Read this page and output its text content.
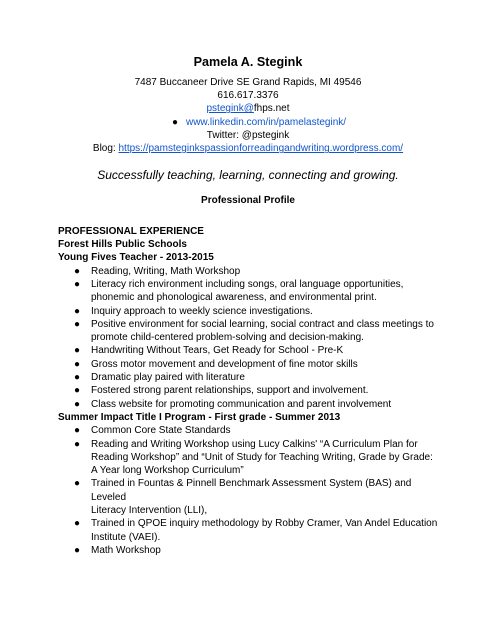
Pamela A. Stegink
7487 Buccaneer Drive SE Grand Rapids, MI 49546
616.617.3376
pstegink@fhps.net
● www.linkedin.com/in/pamelastegink/
Twitter: @pstegink
Blog: https://pamsteginkspassionforreadingandwriting.wordpress.com/
Successfully teaching, learning, connecting and growing.
Professional Profile
PROFESSIONAL EXPERIENCE
Forest Hills Public Schools
Young Fives Teacher - 2013-2015
● Reading, Writing, Math Workshop
● Literacy rich environment including songs, oral language opportunities, phonemic and phonological awareness, and environmental print.
● Inquiry approach to weekly science investigations.
● Positive environment for social learning, social contract and class meetings to promote child-centered problem-solving and decision-making.
● Handwriting Without Tears, Get Ready for School - Pre-K
● Gross motor movement and development of fine motor skills
● Dramatic play paired with literature
● Fostered strong parent relationships, support and involvement.
● Class website for promoting communication and parent involvement
Summer Impact Title I Program - First grade - Summer 2013
● Common Core State Standards
● Reading and Writing Workshop using Lucy Calkins' “A Curriculum Plan for Reading Workshop” and “Unit of Study for Teaching Writing, Grade by Grade: A Year long Workshop Curriculum”
● Trained in Fountas & Pinnell Benchmark Assessment System (BAS) and Leveled
Literacy Intervention (LLI),
● Trained in QPOE inquiry methodology by Robby Cramer, Van Andel Education Institute (VAEI).
● Math Workshop
